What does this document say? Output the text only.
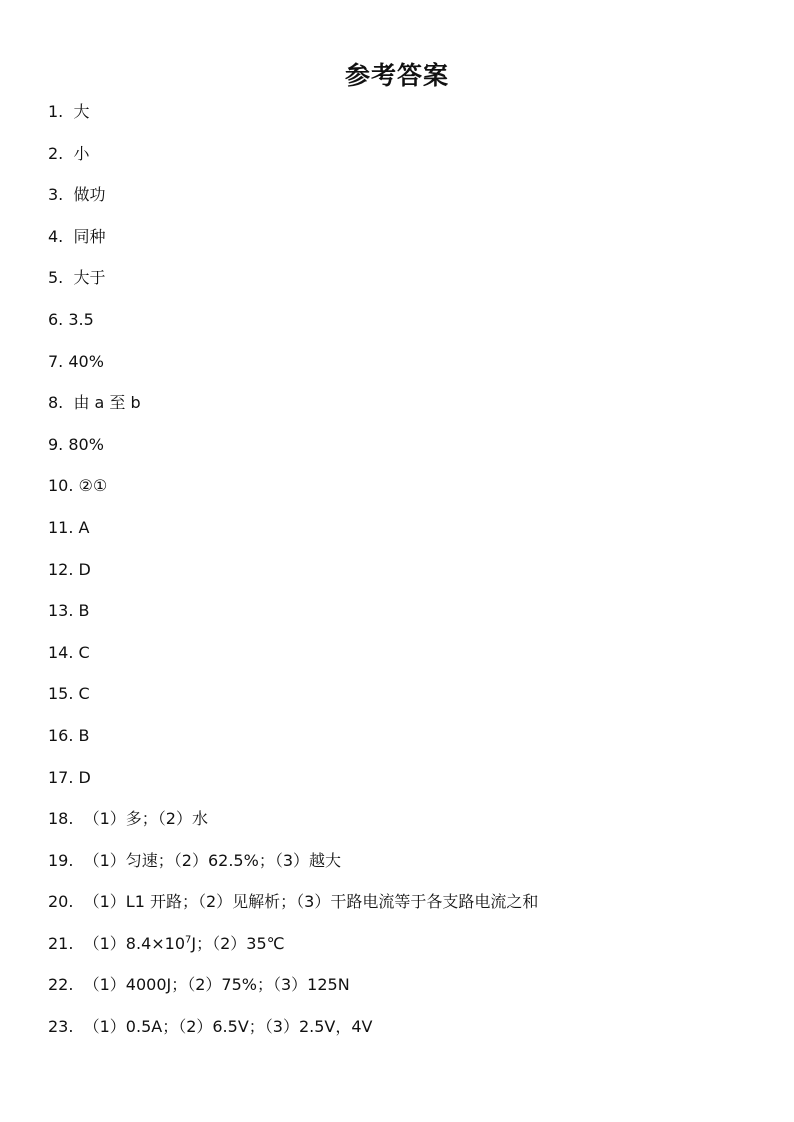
参考答案
1. 大
2. 小
3. 做功
4. 同种
5. 大于
6. 3.5
7. 40%
8. 由 a 至 b
9. 80%
10. ②①
11. A
12. D
13. B
14. C
15. C
16. B
17. D
18. （1）多；（2）水
19. （1）匀速；（2）62.5%；（3）越大
20. （1）L1 开路；（2）见解析；（3）干路电流等于各支路电流之和
21. $(1)8.4\times 10^7J$；（2）35℃
22. （1）4000J；（2）75%；（3）125N
23. （1）0.5A；（2）6.5V；（3）2.5V，4V
